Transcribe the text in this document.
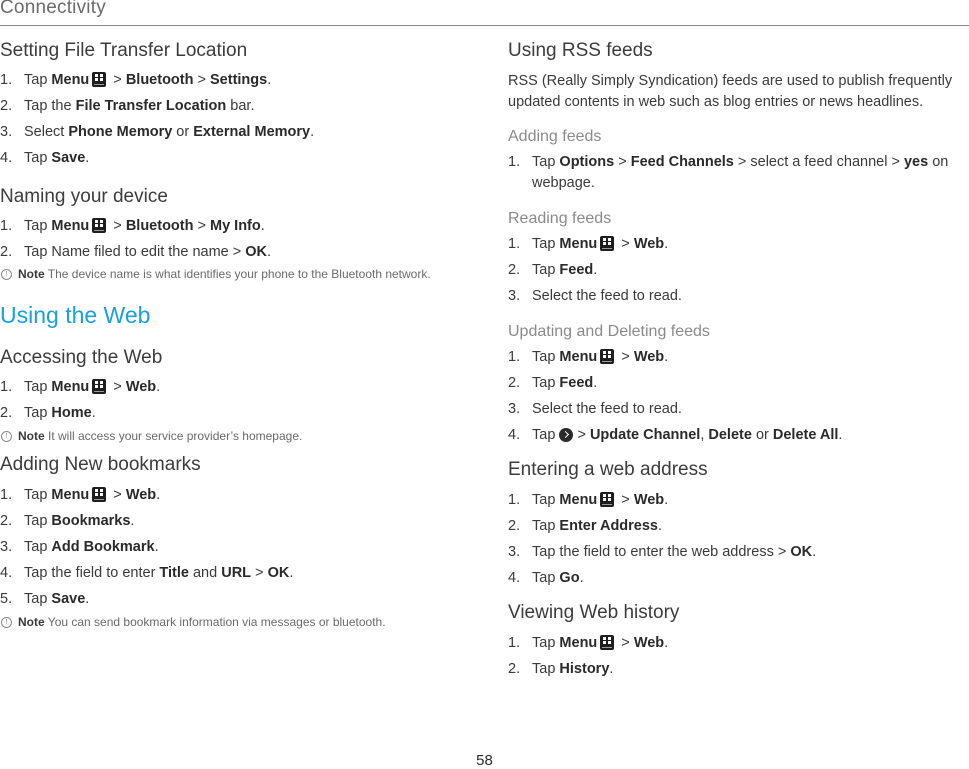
Connectivity
Setting File Transfer Location
1. Tap Menu > Bluetooth > Settings.
2. Tap the File Transfer Location bar.
3. Select Phone Memory or External Memory.
4. Tap Save.
Naming your device
1. Tap Menu > Bluetooth > My Info.
2. Tap Name filed to edit the name > OK.
! Note The device name is what identifies your phone to the Bluetooth network.
Using the Web
Accessing the Web
1. Tap Menu > Web.
2. Tap Home.
! Note It will access your service provider’s homepage.
Adding New bookmarks
1. Tap Menu > Web.
2. Tap Bookmarks.
3. Tap Add Bookmark.
4. Tap the field to enter Title and URL > OK.
5. Tap Save.
! Note You can send bookmark information via messages or bluetooth.
Using RSS feeds

RSS (Really Simply Syndication) feeds are used to publish frequently updated contents in web such as blog entries or news headlines.

Adding feeds
1. Tap Options > Feed Channels > select a feed channel > yes on webpage.
Reading feeds
1. Tap Menu > Web.
2. Tap Feed.
3. Select the feed to read.
Updating and Deleting feeds
1. Tap Menu > Web.
2. Tap Feed.
3. Select the feed to read.
4. Tap  > Update Channel, Delete or Delete All.
Entering a web address
1. Tap Menu > Web.
2. Tap Enter Address.
3. Tap the field to enter the web address > OK.
4. Tap Go.
Viewing Web history
1. Tap Menu > Web.
2. Tap History.
58
